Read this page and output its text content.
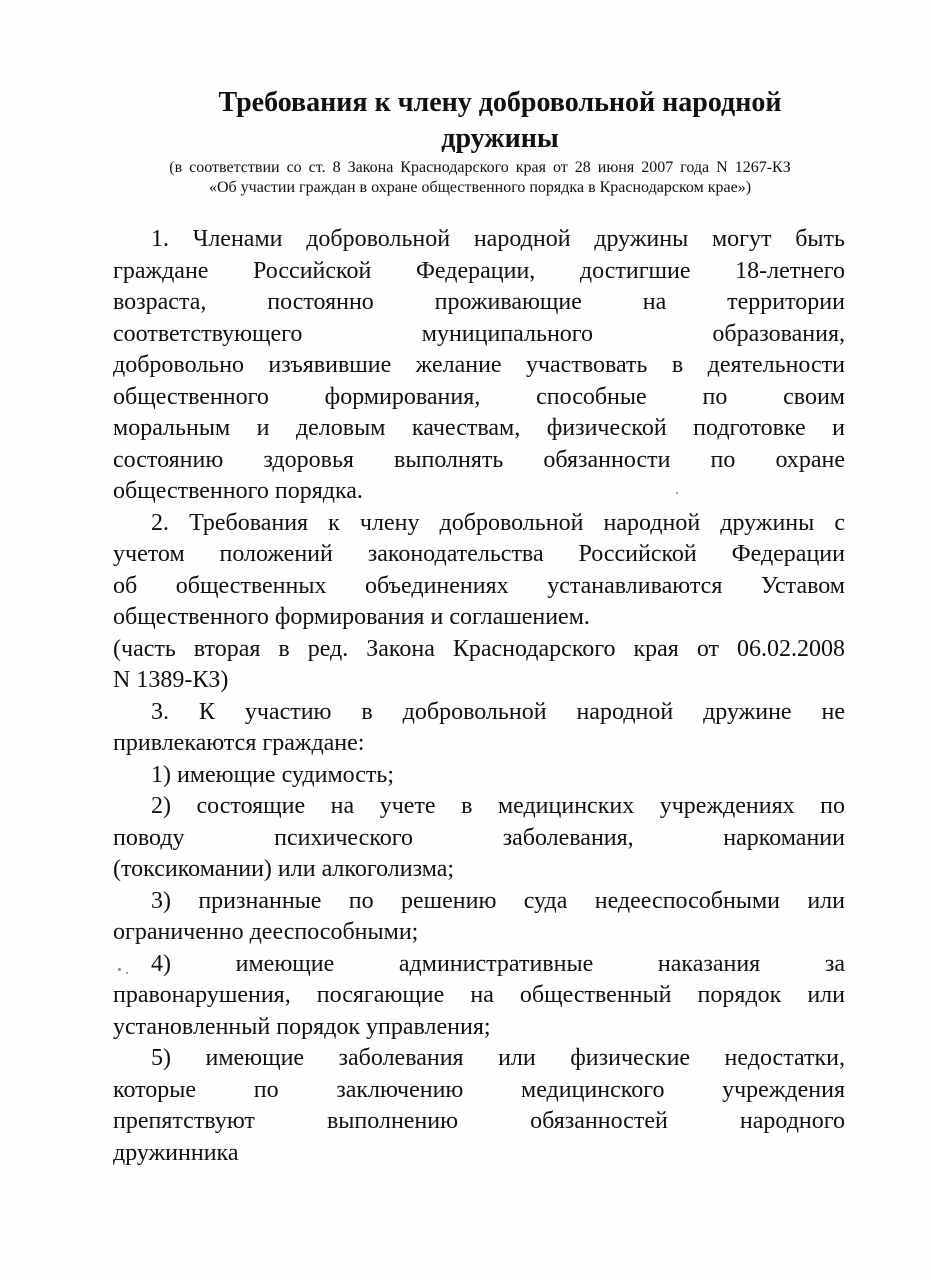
Требования к члену добровольной народной
дружины
(в соответствии со ст. 8 Закона Краснодарского края от 28 июня 2007 года N 1267-КЗ
«Об участии граждан в охране общественного порядка в Краснодарском крае»)
1. Членами добровольной народной дружины могут быть
граждане Российской Федерации, достигшие 18-летнего
возраста, постоянно проживающие на территории
соответствующего муниципального образования,
добровольно изъявившие желание участвовать в деятельности
общественного формирования, способные по своим
моральным и деловым качествам, физической подготовке и
состоянию здоровья выполнять обязанности по охране
общественного порядка.
2. Требования к члену добровольной народной дружины с
учетом положений законодательства Российской Федерации
об общественных объединениях устанавливаются Уставом
общественного формирования и соглашением.
(часть вторая в ред. Закона Краснодарского края от 06.02.2008
N 1389-КЗ)
3. К участию в добровольной народной дружине не
привлекаются граждане:
1) имеющие судимость;
2) состоящие на учете в медицинских учреждениях по
поводу психического заболевания, наркомании
(токсикомании) или алкоголизма;
3) признанные по решению суда недееспособными или
ограниченно дееспособными;
4) имеющие административные наказания за
правонарушения, посягающие на общественный порядок или
установленный порядок управления;
5) имеющие заболевания или физические недостатки,
которые по заключению медицинского учреждения
препятствуют выполнению обязанностей народного
дружинника
